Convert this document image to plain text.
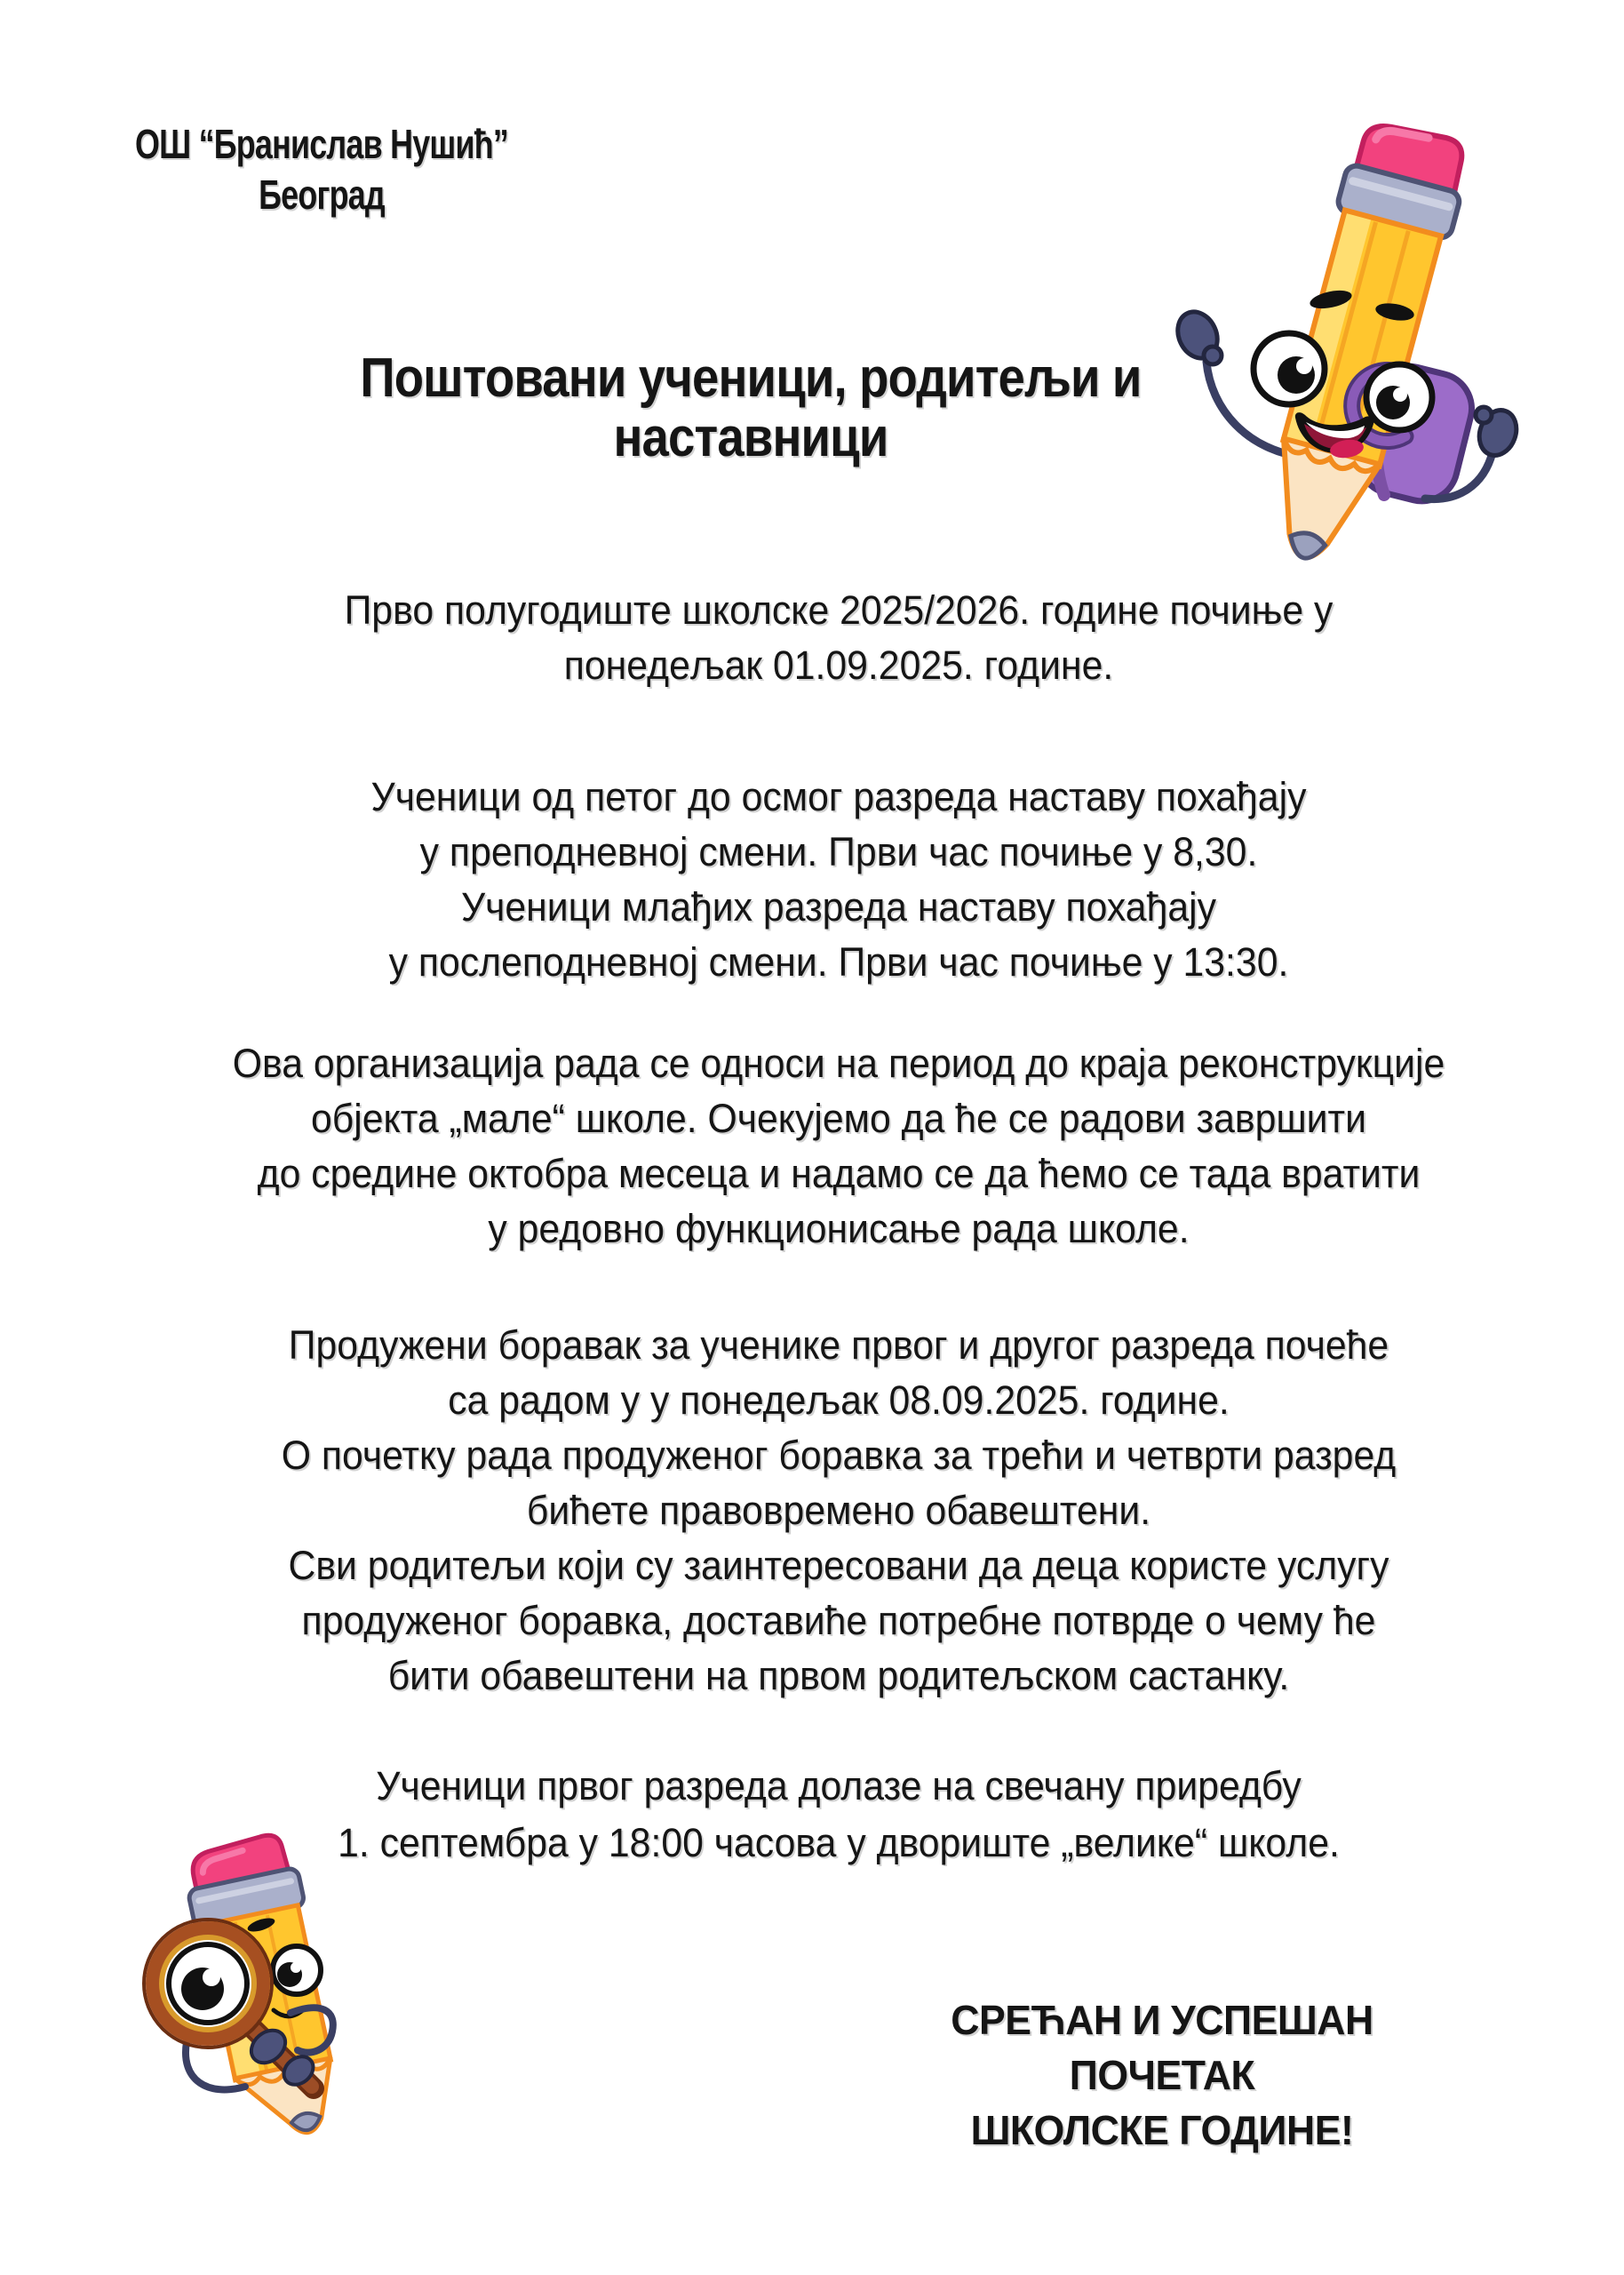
ОШ “Бранислав Нушић”
Београд
Поштовани ученици, родитељи и наставници

Прво полугодиште школске 2025/2026. године почиње у
понедељак 01.09.2025. године.

Ученици од петог до осмог разреда наставу похађају
у преподневној смени. Први час почиње у 8,30.
Ученици млађих разреда наставу похађају
у послеподневној смени. Први час почиње у 13:30.

Ова организација рада се односи на период до краја реконструкције
објекта „мале“ школе. Очекујемо да ће се радови завршити
до средине октобра месеца и надамо се да ћемо се тада вратити
у редовно функционисање рада школе.

Продужени боравак за ученике првог и другог разреда почеће
са радом у у понедељак 08.09.2025. године.
О почетку рада продуженог боравка за трећи и четврти разред
бићете правовремено обавештени.
Сви родитељи који су заинтересовани да деца користе услугу
продуженог боравка, доставиће потребне потврде о чему ће
бити обавештени на првом родитељском састанку.

Ученици првог разреда долазе на свечану приредбу
1. септембра у 18:00 часова у двориште „велике“ школе.

СРЕЋАН И УСПЕШАН ПОЧЕТАК
ШКОЛСКЕ ГОДИНЕ!
